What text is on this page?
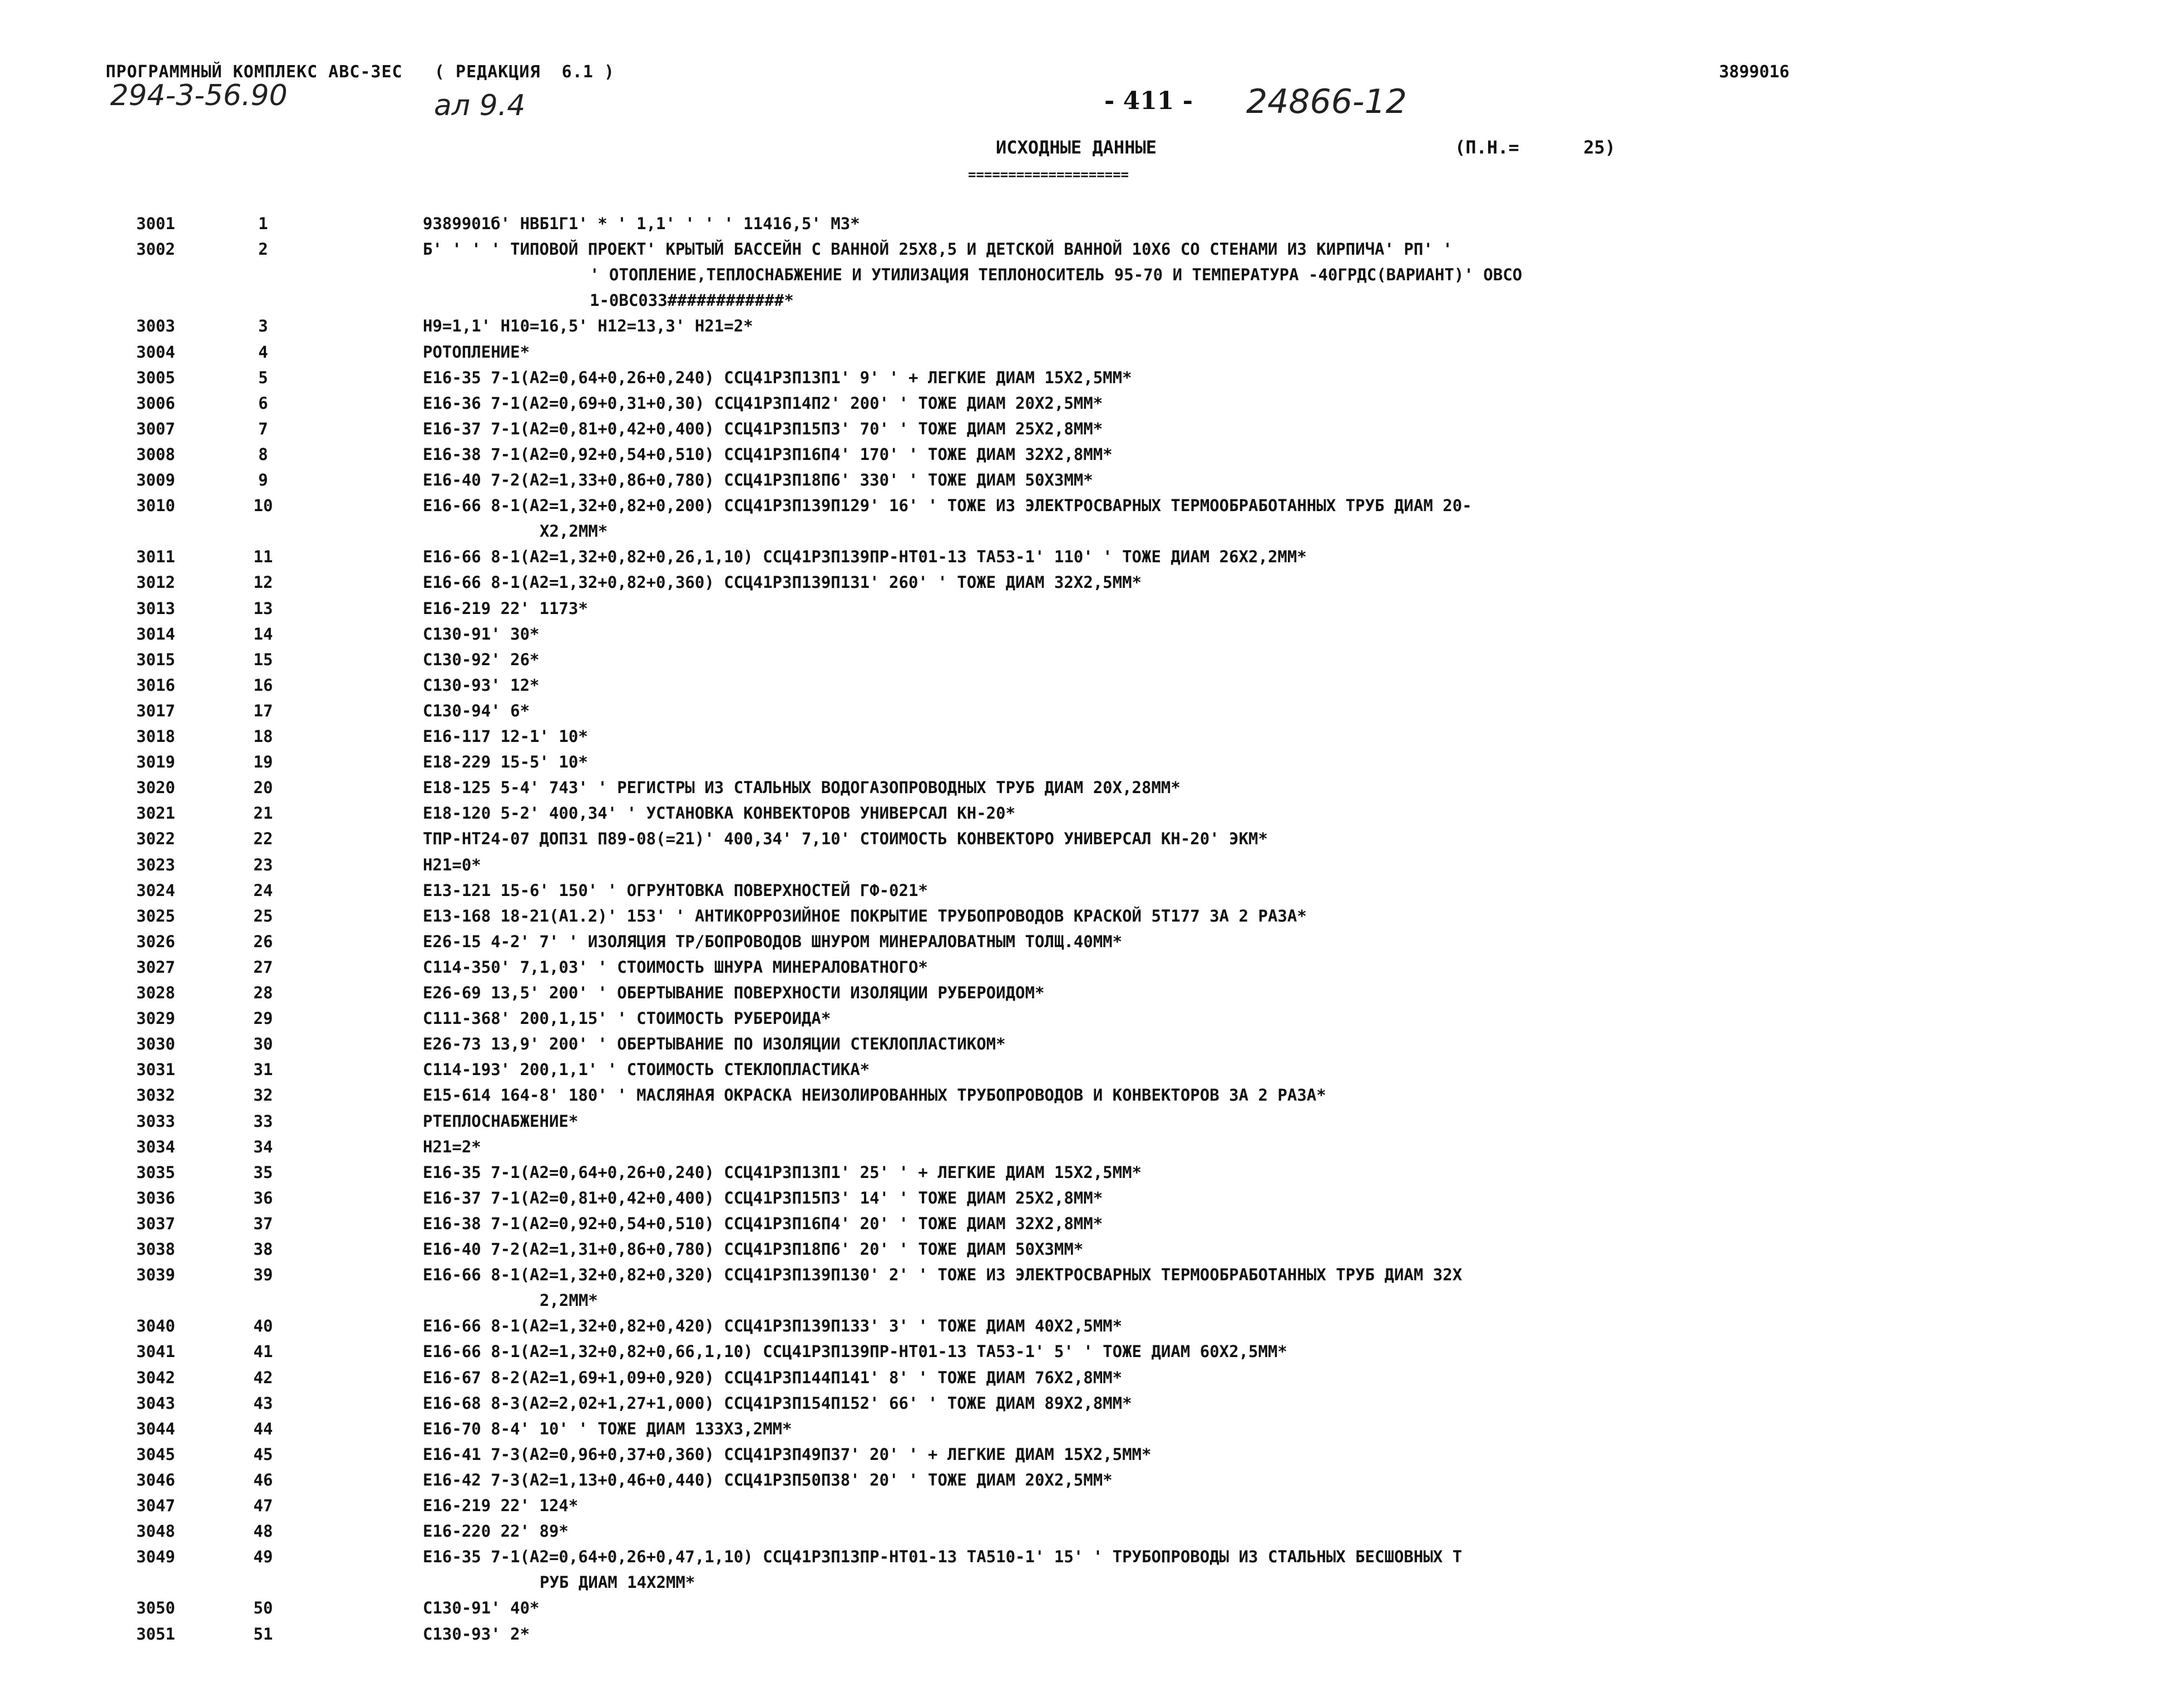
ПРОГРАММНЫЙ КОМПЛЕКС АВС-ЗЕС   ( РЕДАКЦИЯ  6.1 )	3899016
294-3-56.90	ал 9.4	- 411 - 24866-12
ИСХОДНЫЕ ДАННЫЕ
====================
(П.Н.=      25)
3001	1	9389901б' НВБ1Г1' * ' 1,1' ' ' ' 11416,5' МЗ*
3002	2	Б' ' ' ' ТИПОВОЙ ПРОЕКТ' КРЫТЫЙ БАССЕЙН С ВАННОЙ 25Х8,5 И ДЕТСКОЙ ВАННОЙ 10Х6 СО СТЕНАМИ ИЗ КИРПИЧА' РП' '
' ОТОПЛЕНИЕ,ТЕПЛОСНАБЖЕНИЕ И УТИЛИЗАЦИЯ ТЕПЛОНОСИТЕЛЬ 95-70 И ТЕМПЕРАТУРА -40ГРДС(ВАРИАНТ)' ОВСО
1-0ВС033############*
3003	3	Н9=1,1' Н10=16,5' Н12=13,3' Н21=2*
3004	4	РОТОПЛЕНИЕ*
3005	5	Е16-35 7-1(А2=0,64+0,26+0,240) ССЦ41Р3П13П1' 9' ' + ЛЕГКИЕ ДИАМ 15Х2,5ММ*
3006	6	Е16-36 7-1(А2=0,69+0,31+0,30) ССЦ41Р3П14П2' 200' ' ТОЖЕ ДИАМ 20Х2,5ММ*
3007	7	Е16-37 7-1(А2=0,81+0,42+0,400) ССЦ41Р3П15П3' 70' ' ТОЖЕ ДИАМ 25Х2,8ММ*
3008	8	Е16-38 7-1(А2=0,92+0,54+0,510) ССЦ41Р3П16П4' 170' ' ТОЖЕ ДИАМ 32Х2,8ММ*
3009	9	Е16-40 7-2(А2=1,33+0,86+0,780) ССЦ41Р3П18П6' 330' ' ТОЖЕ ДИАМ 50Х3ММ*
3010	10	Е16-66 8-1(А2=1,32+0,82+0,200) ССЦ41Р3П139П129' 16' ' ТОЖЕ ИЗ ЭЛЕКТРОСВАРНЫХ ТЕРМООБРАБОТАННЫХ ТРУБ ДИАМ 20-
Х2,2ММ*
3011	11	Е16-66 8-1(А2=1,32+0,82+0,26,1,10) ССЦ41Р3П139ПР-НТ01-13 ТА53-1' 110' ' ТОЖЕ ДИАМ 26Х2,2ММ*
3012	12	Е16-66 8-1(А2=1,32+0,82+0,360) ССЦ41Р3П139П131' 260' ' ТОЖЕ ДИАМ 32Х2,5ММ*
3013	13	Е16-219 22' 1173*
3014	14	С130-91' 30*
3015	15	С130-92' 26*
3016	16	С130-93' 12*
3017	17	С130-94' 6*
3018	18	Е16-117 12-1' 10*
3019	19	Е18-229 15-5' 10*
3020	20	Е18-125 5-4' 743' ' РЕГИСТРЫ ИЗ СТАЛЬНЫХ ВОДОГАЗОПРОВОДНЫХ ТРУБ ДИАМ 20Х,28ММ*
3021	21	Е18-120 5-2' 400,34' ' УСТАНОВКА КОНВЕКТОРОВ УНИВЕРСАЛ КН-20*
3022	22	ТПР-НТ24-07 ДОП31 П89-08(=21)' 400,34' 7,10' СТОИМОСТЬ КОНВЕКТОРО УНИВЕРСАЛ КН-20' ЭКМ*
3023	23	Н21=0*
3024	24	Е13-121 15-6' 150' ' ОГРУНТОВКА ПОВЕРХНОСТЕЙ ГФ-021*
3025	25	Е13-168 18-21(А1.2)' 153' ' АНТИКОРРОЗИЙНОЕ ПОКРЫТИЕ ТРУБОПРОВОДОВ КРАСКОЙ 5Т177 ЗА 2 РАЗА*
3026	26	Е26-15 4-2' 7' ' ИЗОЛЯЦИЯ ТР/БОПРОВОДОВ ШНУРОМ МИНЕРАЛОВАТНЫМ ТОЛЩ.40ММ*
3027	27	С114-350' 7,1,03' ' СТОИМОСТЬ ШНУРА МИНЕРАЛОВАТНОГО*
3028	28	Е26-69 13,5' 200' ' ОБЕРТЫВАНИЕ ПОВЕРХНОСТИ ИЗОЛЯЦИИ РУБЕРОИДОМ*
3029	29	С111-368' 200,1,15' ' СТОИМОСТЬ РУБЕРОИДА*
3030	30	Е26-73 13,9' 200' ' ОБЕРТЫВАНИЕ ПО ИЗОЛЯЦИИ СТЕКЛОПЛАСТИКОМ*
3031	31	С114-193' 200,1,1' ' СТОИМОСТЬ СТЕКЛОПЛАСТИКА*
3032	32	Е15-614 164-8' 180' ' МАСЛЯНАЯ ОКРАСКА НЕИЗОЛИРОВАННЫХ ТРУБОПРОВОДОВ И КОНВЕКТОРОВ ЗА 2 РАЗА*
3033	33	РТЕПЛОСНАБЖЕНИЕ*
3034	34	Н21=2*
3035	35	Е16-35 7-1(А2=0,64+0,26+0,240) ССЦ41Р3П13П1' 25' ' + ЛЕГКИЕ ДИАМ 15Х2,5ММ*
3036	36	Е16-37 7-1(А2=0,81+0,42+0,400) ССЦ41Р3П15П3' 14' ' ТОЖЕ ДИАМ 25Х2,8ММ*
3037	37	Е16-38 7-1(А2=0,92+0,54+0,510) ССЦ41Р3П16П4' 20' ' ТОЖЕ ДИАМ 32Х2,8ММ*
3038	38	Е16-40 7-2(А2=1,31+0,86+0,780) ССЦ41Р3П18П6' 20' ' ТОЖЕ ДИАМ 50Х3ММ*
3039	39	Е16-66 8-1(А2=1,32+0,82+0,320) ССЦ41Р3П139П130' 2' ' ТОЖЕ ИЗ ЭЛЕКТРОСВАРНЫХ ТЕРМООБРАБОТАННЫХ ТРУБ ДИАМ 32Х
2,2ММ*
3040	40	Е16-66 8-1(А2=1,32+0,82+0,420) ССЦ41Р3П139П133' 3' ' ТОЖЕ ДИАМ 40Х2,5ММ*
3041	41	Е16-66 8-1(А2=1,32+0,82+0,66,1,10) ССЦ41Р3П139ПР-НТ01-13 ТА53-1' 5' ' ТОЖЕ ДИАМ 60Х2,5ММ*
3042	42	Е16-67 8-2(А2=1,69+1,09+0,920) ССЦ41Р3П144П141' 8' ' ТОЖЕ ДИАМ 76Х2,8ММ*
3043	43	Е16-68 8-3(А2=2,02+1,27+1,000) ССЦ41Р3П154П152' 66' ' ТОЖЕ ДИАМ 89Х2,8ММ*
3044	44	Е16-70 8-4' 10' ' ТОЖЕ ДИАМ 133Х3,2ММ*
3045	45	Е16-41 7-3(А2=0,96+0,37+0,360) ССЦ41Р3П49П37' 20' ' + ЛЕГКИЕ ДИАМ 15Х2,5ММ*
3046	46	Е16-42 7-3(А2=1,13+0,46+0,440) ССЦ41Р3П50П38' 20' ' ТОЖЕ ДИАМ 20Х2,5ММ*
3047	47	Е16-219 22' 124*
3048	48	Е16-220 22' 89*
3049	49	Е16-35 7-1(А2=0,64+0,26+0,47,1,10) ССЦ41Р3П13ПР-НТ01-13 ТА510-1' 15' ' ТРУБОПРОВОДЫ ИЗ СТАЛЬНЫХ БЕСШОВНЫХ Т
РУБ ДИАМ 14Х2ММ*
3050	50	С130-91' 40*
3051	51	С130-93' 2*
